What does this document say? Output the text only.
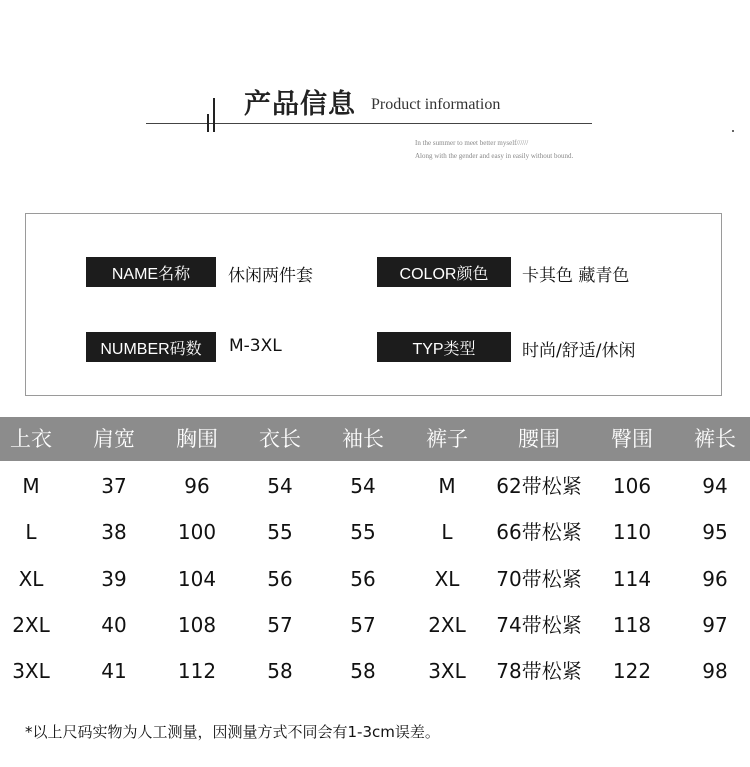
产品信息 Product information
In the summer to meet better myself//////
Along with the gender and easy in easily without bound.
NAME名称	休闲两件套	COLOR颜色	卡其色 藏青色
NUMBER码数	M-3XL	TYP类型	时尚/舒适/休闲
上衣 肩宽 胸围 衣长 袖长 裤子 腰围 臀围 裤长
M	37	96	54	54	M 62带松紧 106	94
L	38	100	55	55	L 66带松紧 110	95
XL	39	104	56	56	XL 70带松紧 114	96
2XL	40	108	57	57	2XL 74带松紧 118	97
3XL	41	112	58	58	3XL 78带松紧 122	98
*以上尺码实物为人工测量，因测量方式不同会有1-3cm误差。
